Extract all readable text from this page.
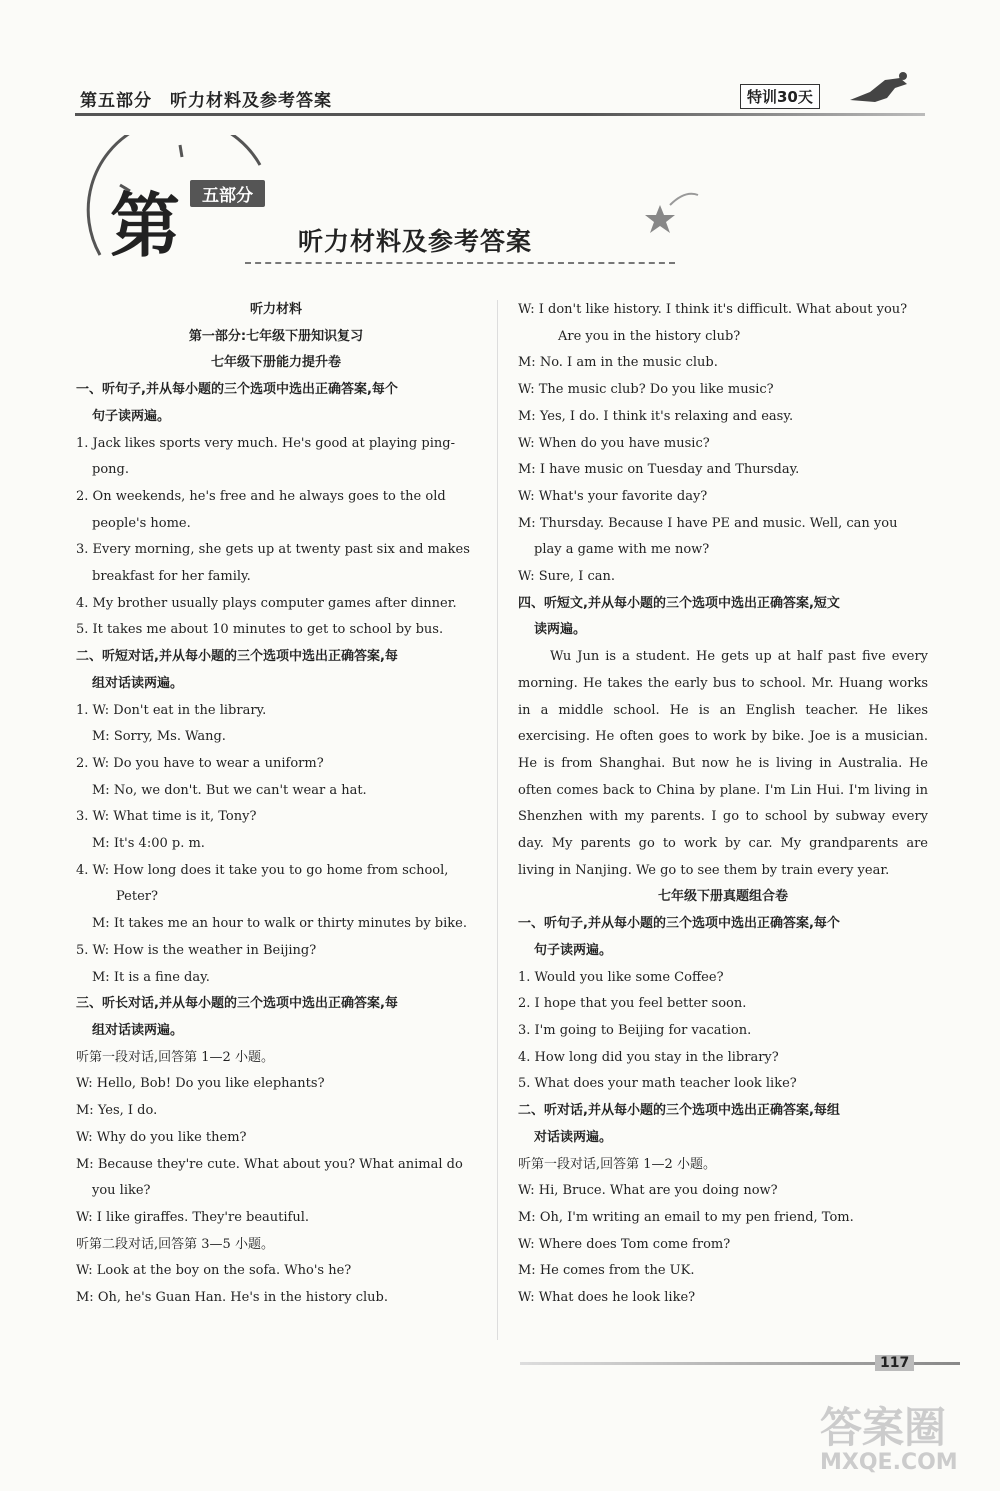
第五部分　听力材料及参考答案	特训30天
第	五部分
听力材料及参考答案
听力材料
第一部分:七年级下册知识复习
七年级下册能力提升卷
一、听句子,并从每小题的三个选项中选出正确答案,每个
句子读两遍。
1. Jack likes sports very much. He's good at playing ping-
pong.
2. On weekends, he's free and he always goes to the old
people's home.
3. Every morning, she gets up at twenty past six and makes
breakfast for her family.
4. My brother usually plays computer games after dinner.
5. It takes me about 10 minutes to get to school by bus.
二、听短对话,并从每小题的三个选项中选出正确答案,每
组对话读两遍。
1. W: Don't eat in the library.
M: Sorry, Ms. Wang.
2. W: Do you have to wear a uniform?
M: No, we don't. But we can't wear a hat.
3. W: What time is it, Tony?
M: It's 4:00 p. m.
4. W: How long does it take you to go home from school,
Peter?
M: It takes me an hour to walk or thirty minutes by bike.
5. W: How is the weather in Beijing?
M: It is a fine day.
三、听长对话,并从每小题的三个选项中选出正确答案,每
组对话读两遍。
听第一段对话,回答第 1—2 小题。
W: Hello, Bob! Do you like elephants?
M: Yes, I do.
W: Why do you like them?
M: Because they're cute. What about you? What animal do
you like?
W: I like giraffes. They're beautiful.
听第二段对话,回答第 3—5 小题。
W: Look at the boy on the sofa. Who's he?
M: Oh, he's Guan Han. He's in the history club.
W: I don't like history. I think it's difficult. What about you?
Are you in the history club?
M: No. I am in the music club.
W: The music club? Do you like music?
M: Yes, I do. I think it's relaxing and easy.
W: When do you have music?
M: I have music on Tuesday and Thursday.
W: What's your favorite day?
M: Thursday. Because I have PE and music. Well, can you
play a game with me now?
W: Sure, I can.
四、听短文,并从每小题的三个选项中选出正确答案,短文
读两遍。
Wu Jun is a student. He gets up at half past five every morning. He takes the early bus to school. Mr. Huang works in a middle school. He is an English teacher. He likes exercising. He often goes to work by bike. Joe is a musician. He is from Shanghai. But now he is living in Australia. He often comes back to China by plane. I'm Lin Hui. I'm living in Shenzhen with my parents. I go to school by subway every day. My parents go to work by car. My grandparents are living in Nanjing. We go to see them by train every year.
七年级下册真题组合卷
一、听句子,并从每小题的三个选项中选出正确答案,每个
句子读两遍。
1. Would you like some Coffee?
2. I hope that you feel better soon.
3. I'm going to Beijing for vacation.
4. How long did you stay in the library?
5. What does your math teacher look like?
二、听对话,并从每小题的三个选项中选出正确答案,每组
对话读两遍。
听第一段对话,回答第 1—2 小题。
W: Hi, Bruce. What are you doing now?
M: Oh, I'm writing an email to my pen friend, Tom.
W: Where does Tom come from?
M: He comes from the UK.
W: What does he look like?
117
答案圈
MXQE.COM
